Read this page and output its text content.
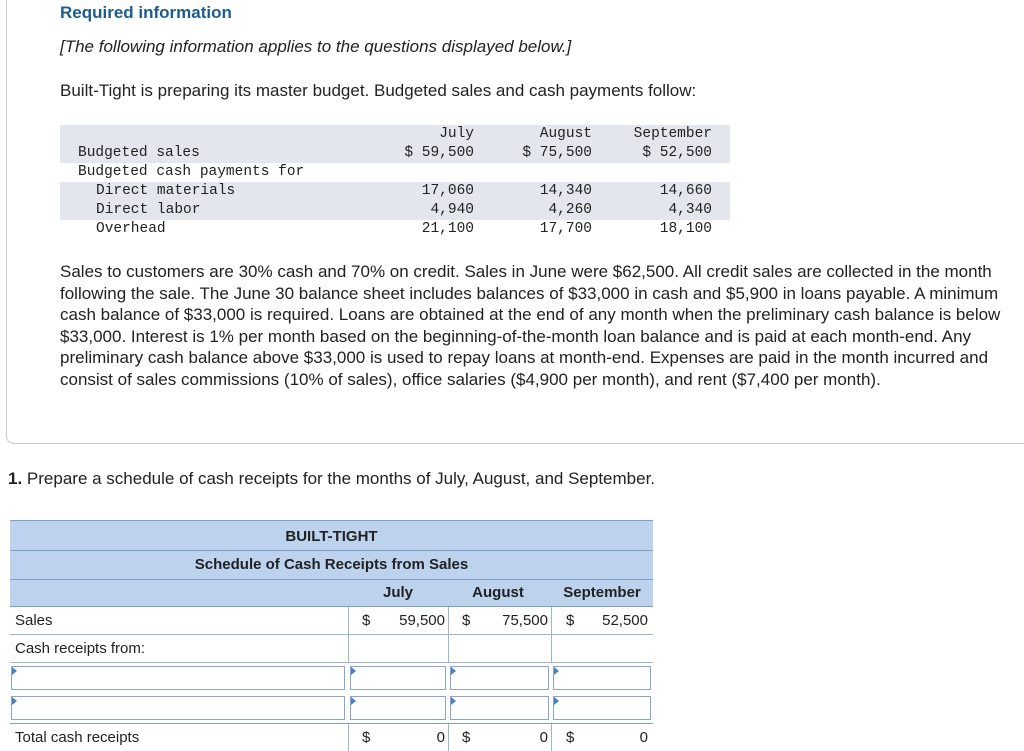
Required information
[The following information applies to the questions displayed below.]
Built-Tight is preparing its master budget. Budgeted sales and cash payments follow:
July	August	September
Budgeted sales	$ 59,500	$ 75,500	$ 52,500
Budgeted cash payments for
Direct materials	17,060	14,340	14,660
Direct labor	4,940	4,260	4,340
Overhead	21,100	17,700	18,100

Sales to customers are 30% cash and 70% on credit. Sales in June were $62,500. All credit sales are collected in the month following the sale. The June 30 balance sheet includes balances of $33,000 in cash and $5,900 in loans payable. A minimum cash balance of $33,000 is required. Loans are obtained at the end of any month when the preliminary cash balance is below $33,000. Interest is 1% per month based on the beginning-of-the-month loan balance and is paid at each month-end. Any preliminary cash balance above $33,000 is used to repay loans at month-end. Expenses are paid in the month incurred and consist of sales commissions (10% of sales), office salaries ($4,900 per month), and rent ($7,400 per month).

1. Prepare a schedule of cash receipts for the months of July, August, and September.
BUILT-TIGHT
Schedule of Cash Receipts from Sales
July	August	September
Sales	$ 59,500 $ 75,500 $ 52,500
Cash receipts from:
Total cash receipts	$	0 $	0 $	0
